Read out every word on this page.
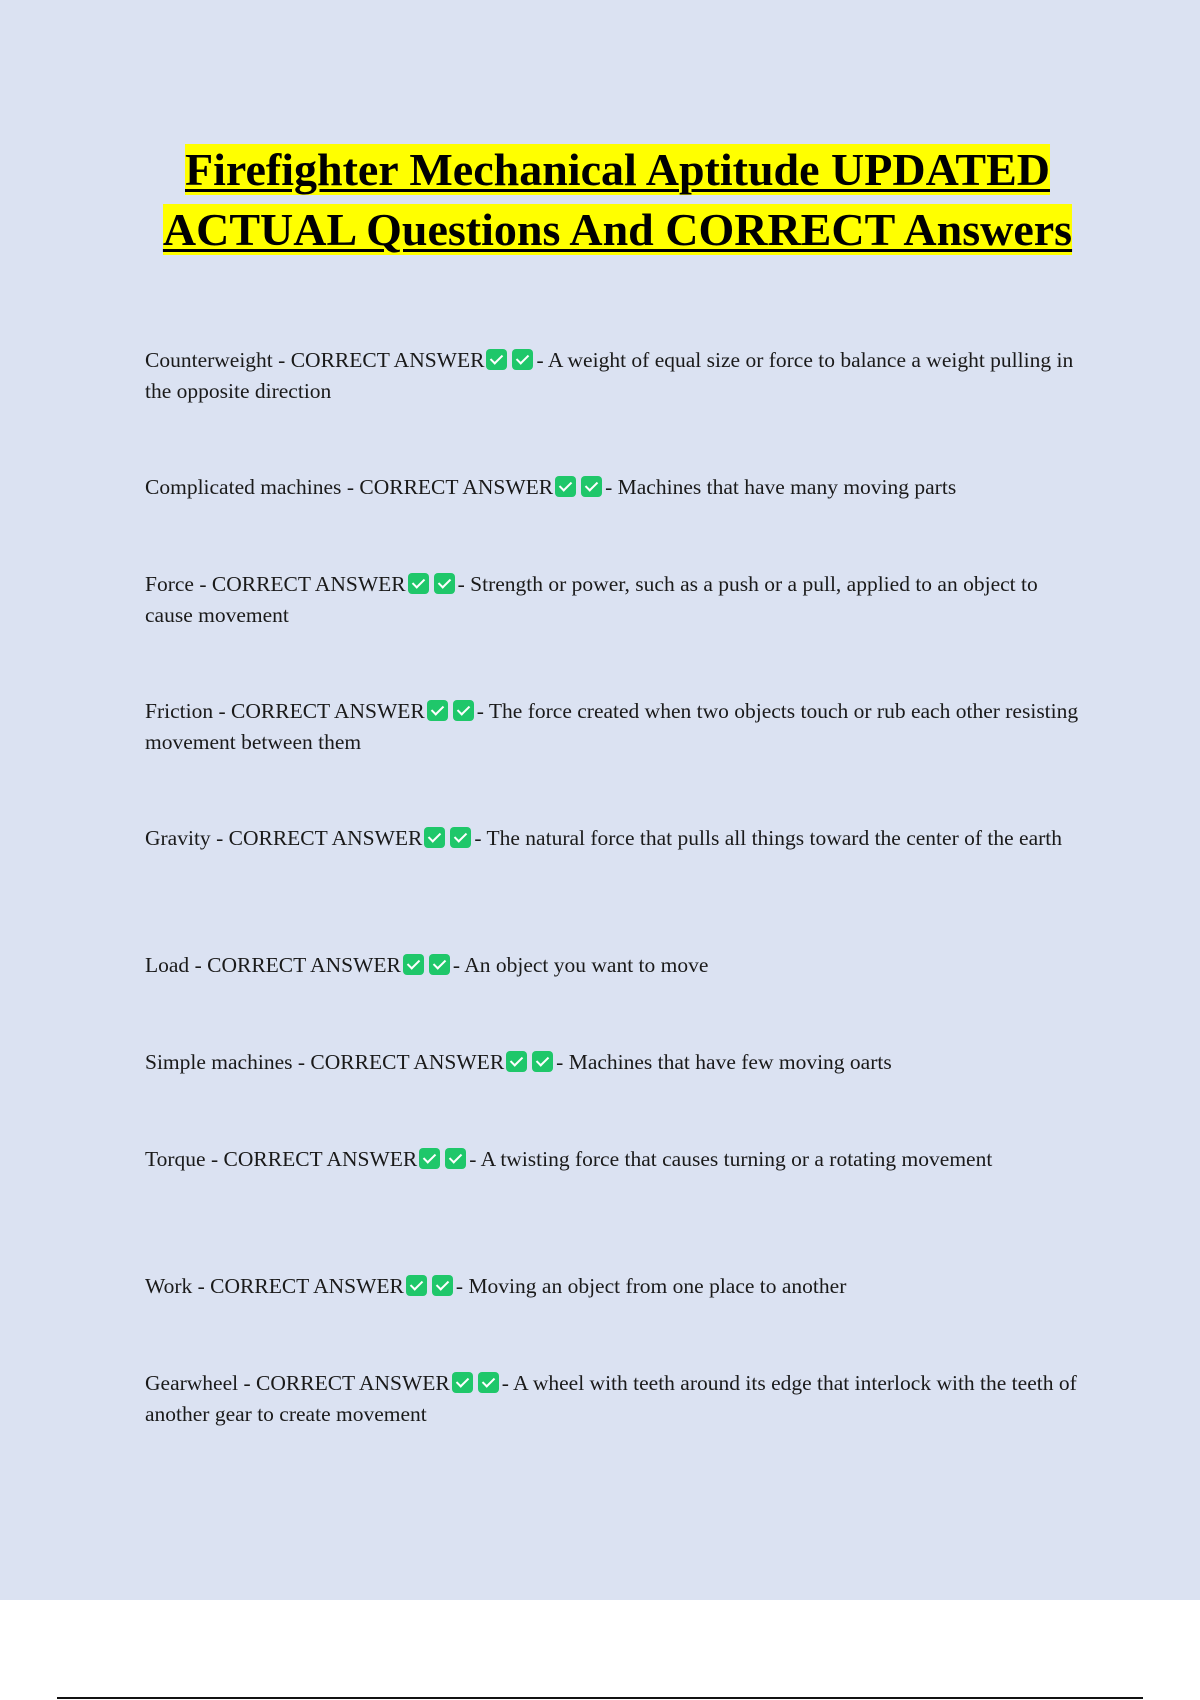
Firefighter Mechanical Aptitude UPDATED ACTUAL Questions And CORRECT Answers
Counterweight - CORRECT ANSWER - A weight of equal size or force to balance a weight pulling in the opposite direction
Complicated machines - CORRECT ANSWER - Machines that have many moving parts
Force - CORRECT ANSWER - Strength or power, such as a push or a pull, applied to an object to cause movement
Friction - CORRECT ANSWER - The force created when two objects touch or rub each other resisting movement between them
Gravity - CORRECT ANSWER - The natural force that pulls all things toward the center of the earth
Load - CORRECT ANSWER - An object you want to move
Simple machines - CORRECT ANSWER - Machines that have few moving oarts
Torque - CORRECT ANSWER - A twisting force that causes turning or a rotating movement
Work - CORRECT ANSWER - Moving an object from one place to another
Gearwheel - CORRECT ANSWER - A wheel with teeth around its edge that interlock with the teeth of another gear to create movement
